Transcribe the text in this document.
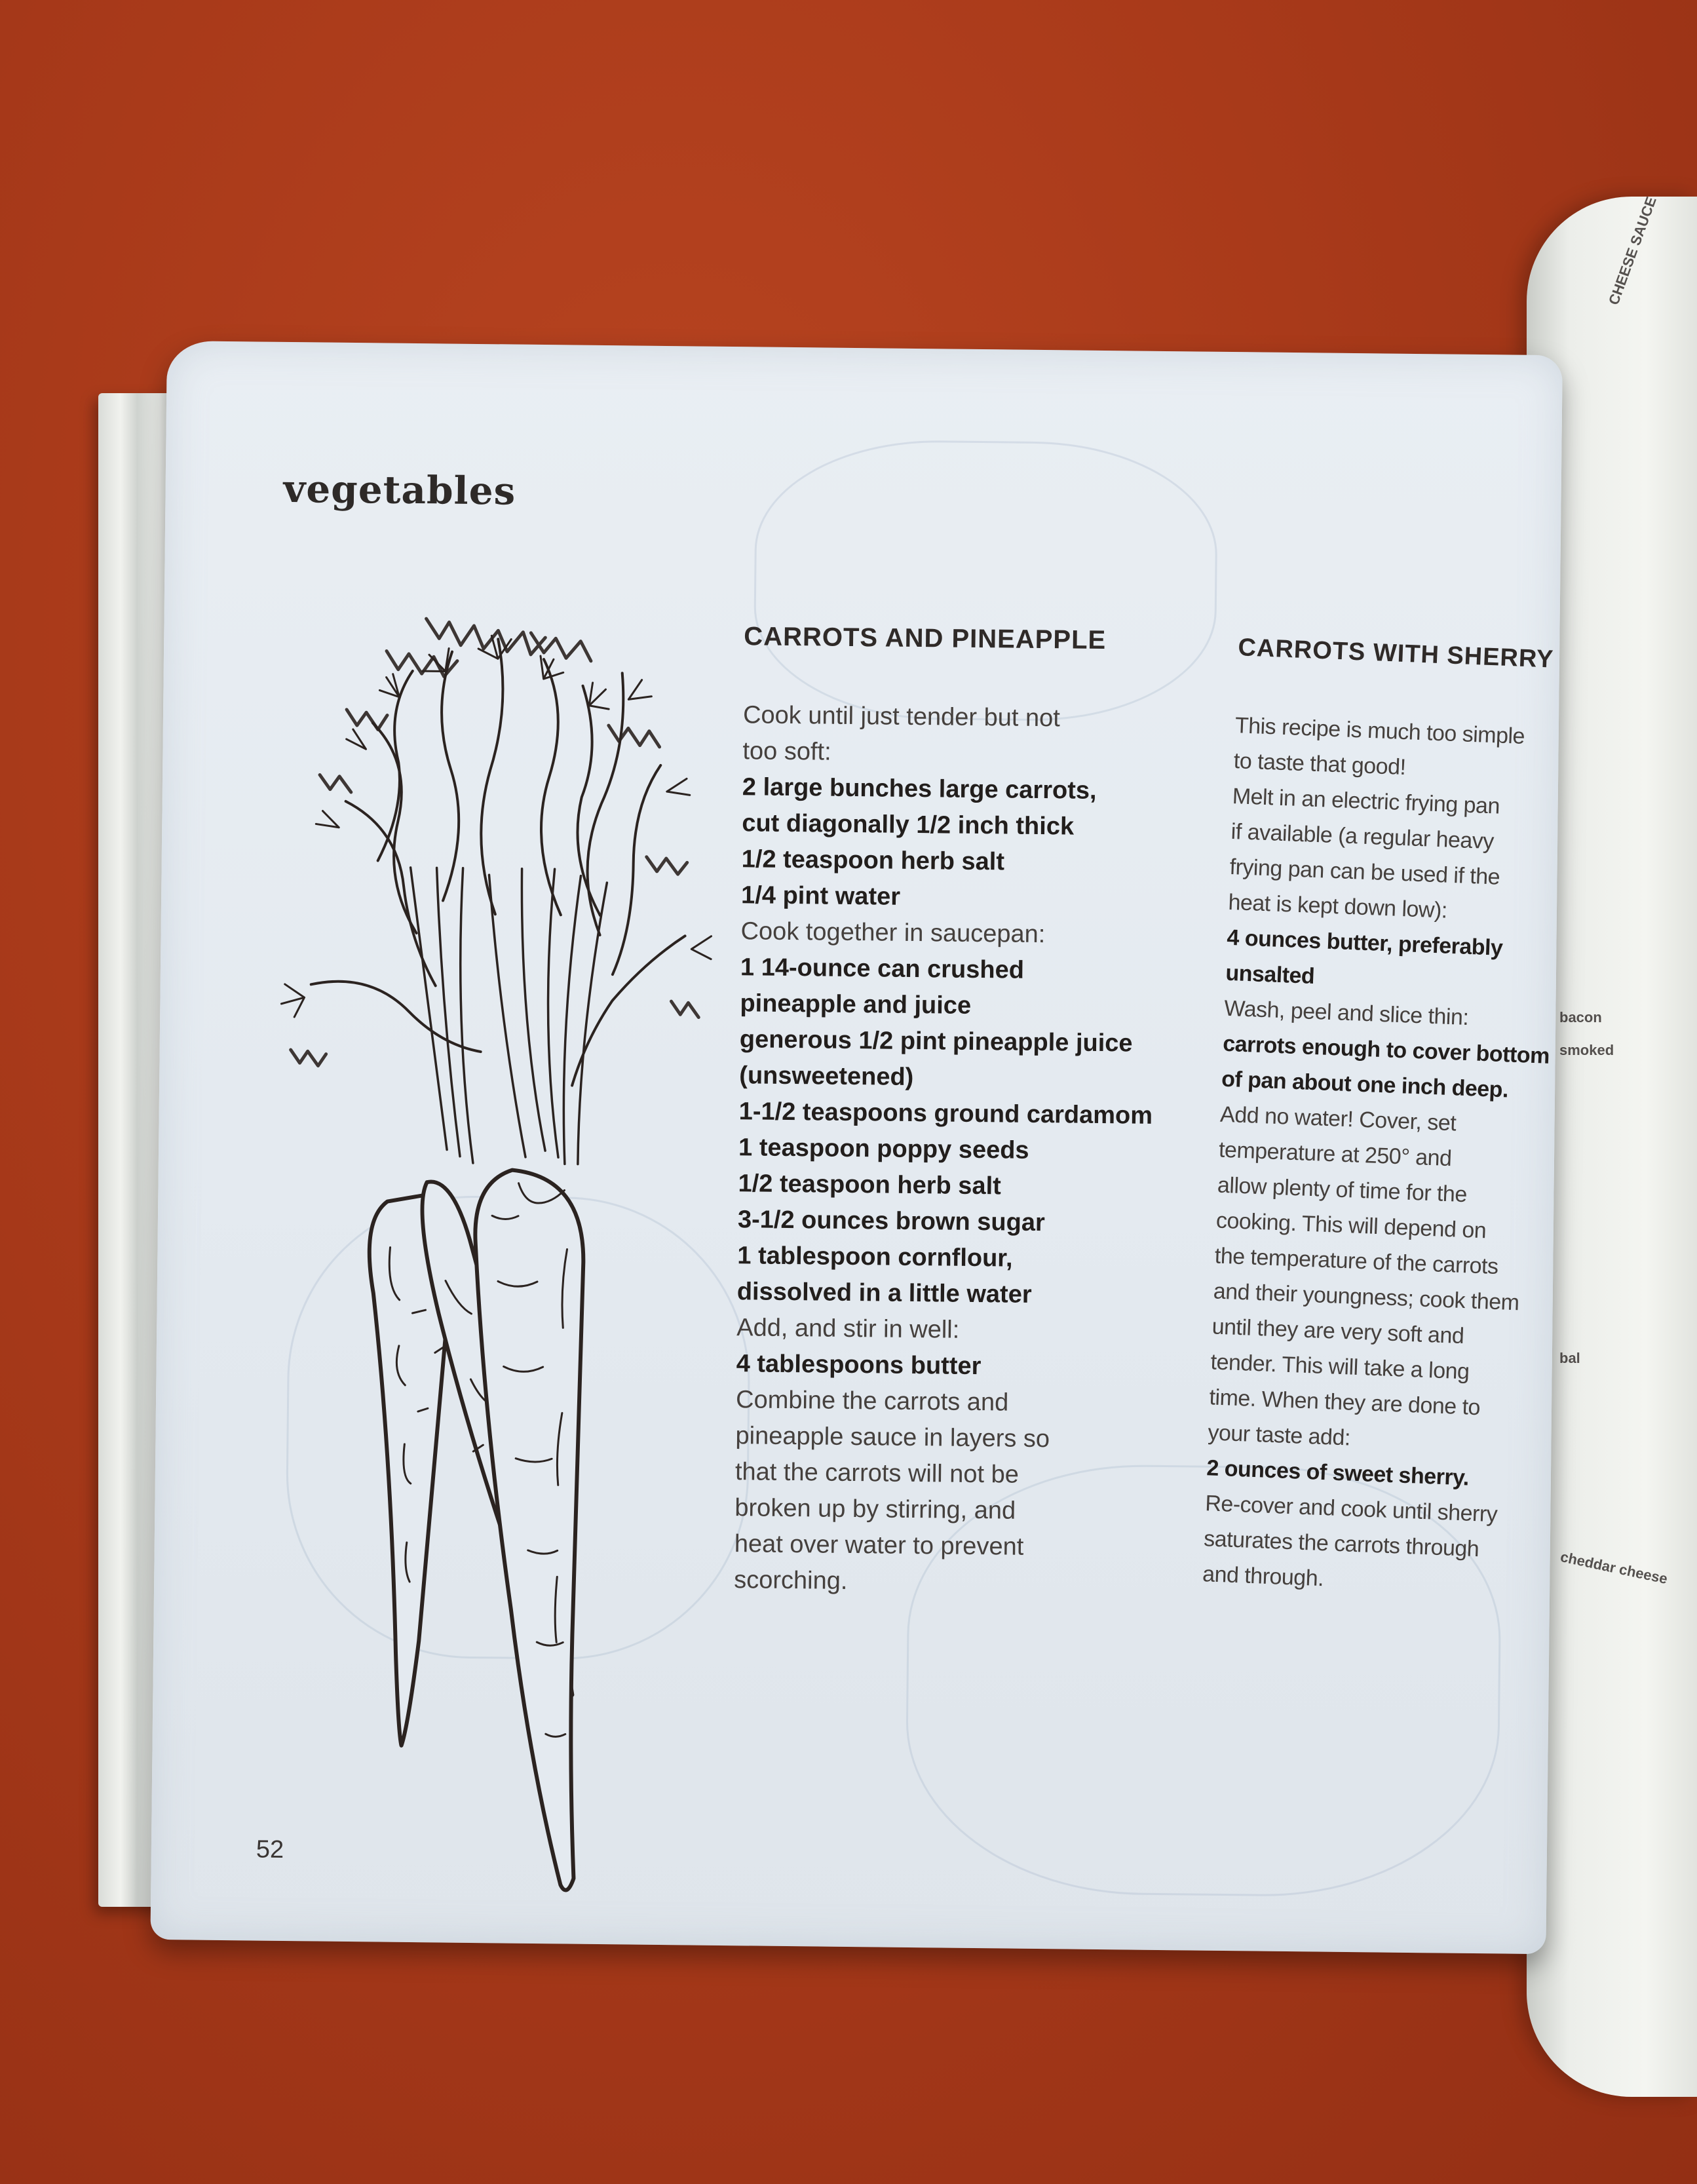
CHEESE SAUCE
bacon
smoked
bal
cheddar cheese
vegetables
CARROTS AND PINEAPPLE

Cook until just tender but not

too soft:

2 large bunches large carrots,

cut diagonally 1/2 inch thick

1/2 teaspoon herb salt

1/4 pint water

Cook together in saucepan:

1 14-ounce can crushed

pineapple and juice

generous 1/2 pint pineapple juice

(unsweetened)

1-1/2 teaspoons ground cardamom

1 teaspoon poppy seeds

1/2 teaspoon herb salt

3-1/2 ounces brown sugar

1 tablespoon cornflour,

dissolved in a little water

Add, and stir in well:

4 tablespoons butter

Combine the carrots and

pineapple sauce in layers so

that the carrots will not be

broken up by stirring, and

heat over water to prevent

scorching.

CARROTS WITH SHERRY

This recipe is much too simple

to taste that good!

Melt in an electric frying pan

if available (a regular heavy

frying pan can be used if the

heat is kept down low):

4 ounces butter, preferably

unsalted

Wash, peel and slice thin:

carrots enough to cover bottom

of pan about one inch deep.

Add no water! Cover, set

temperature at 250° and

allow plenty of time for the

cooking. This will depend on

the temperature of the carrots

and their youngness; cook them

until they are very soft and

tender. This will take a long

time. When they are done to

your taste add:

2 ounces of sweet sherry.

Re-cover and cook until sherry

saturates the carrots through

and through.

52
